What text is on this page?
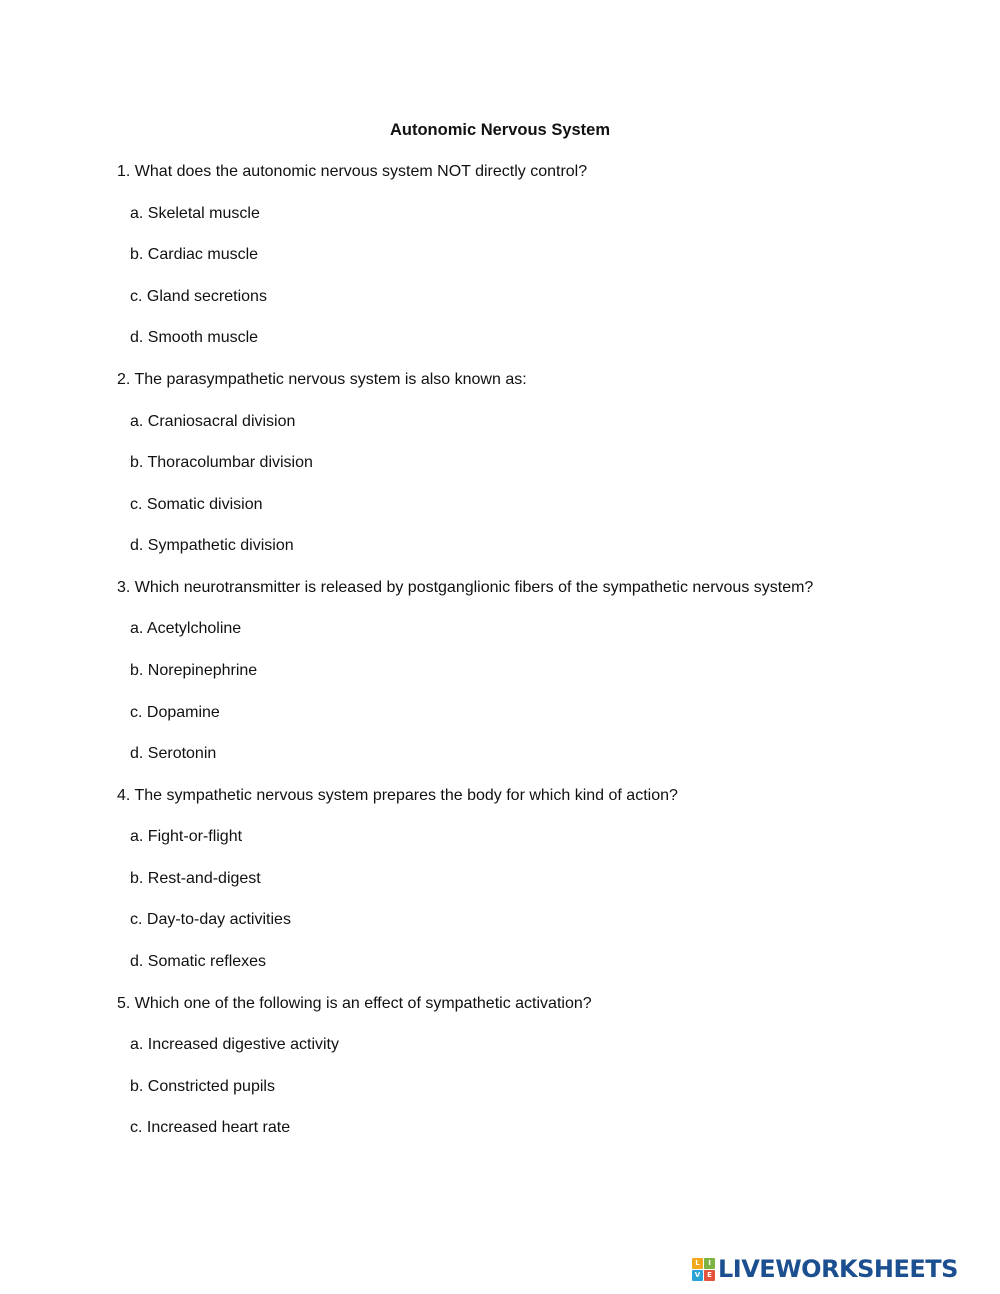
Autonomic Nervous System
1. What does the autonomic nervous system NOT directly control?
a. Skeletal muscle
b. Cardiac muscle
c. Gland secretions
d. Smooth muscle
2. The parasympathetic nervous system is also known as:
a. Craniosacral division
b. Thoracolumbar division
c. Somatic division
d. Sympathetic division
3. Which neurotransmitter is released by postganglionic fibers of the sympathetic nervous system?
a. Acetylcholine
b. Norepinephrine
c. Dopamine
d. Serotonin
4. The sympathetic nervous system prepares the body for which kind of action?
a. Fight-or-flight
b. Rest-and-digest
c. Day-to-day activities
d. Somatic reflexes
5. Which one of the following is an effect of sympathetic activation?
a. Increased digestive activity
b. Constricted pupils
c. Increased heart rate
L	I
V E LIVEWORKSHEETS
